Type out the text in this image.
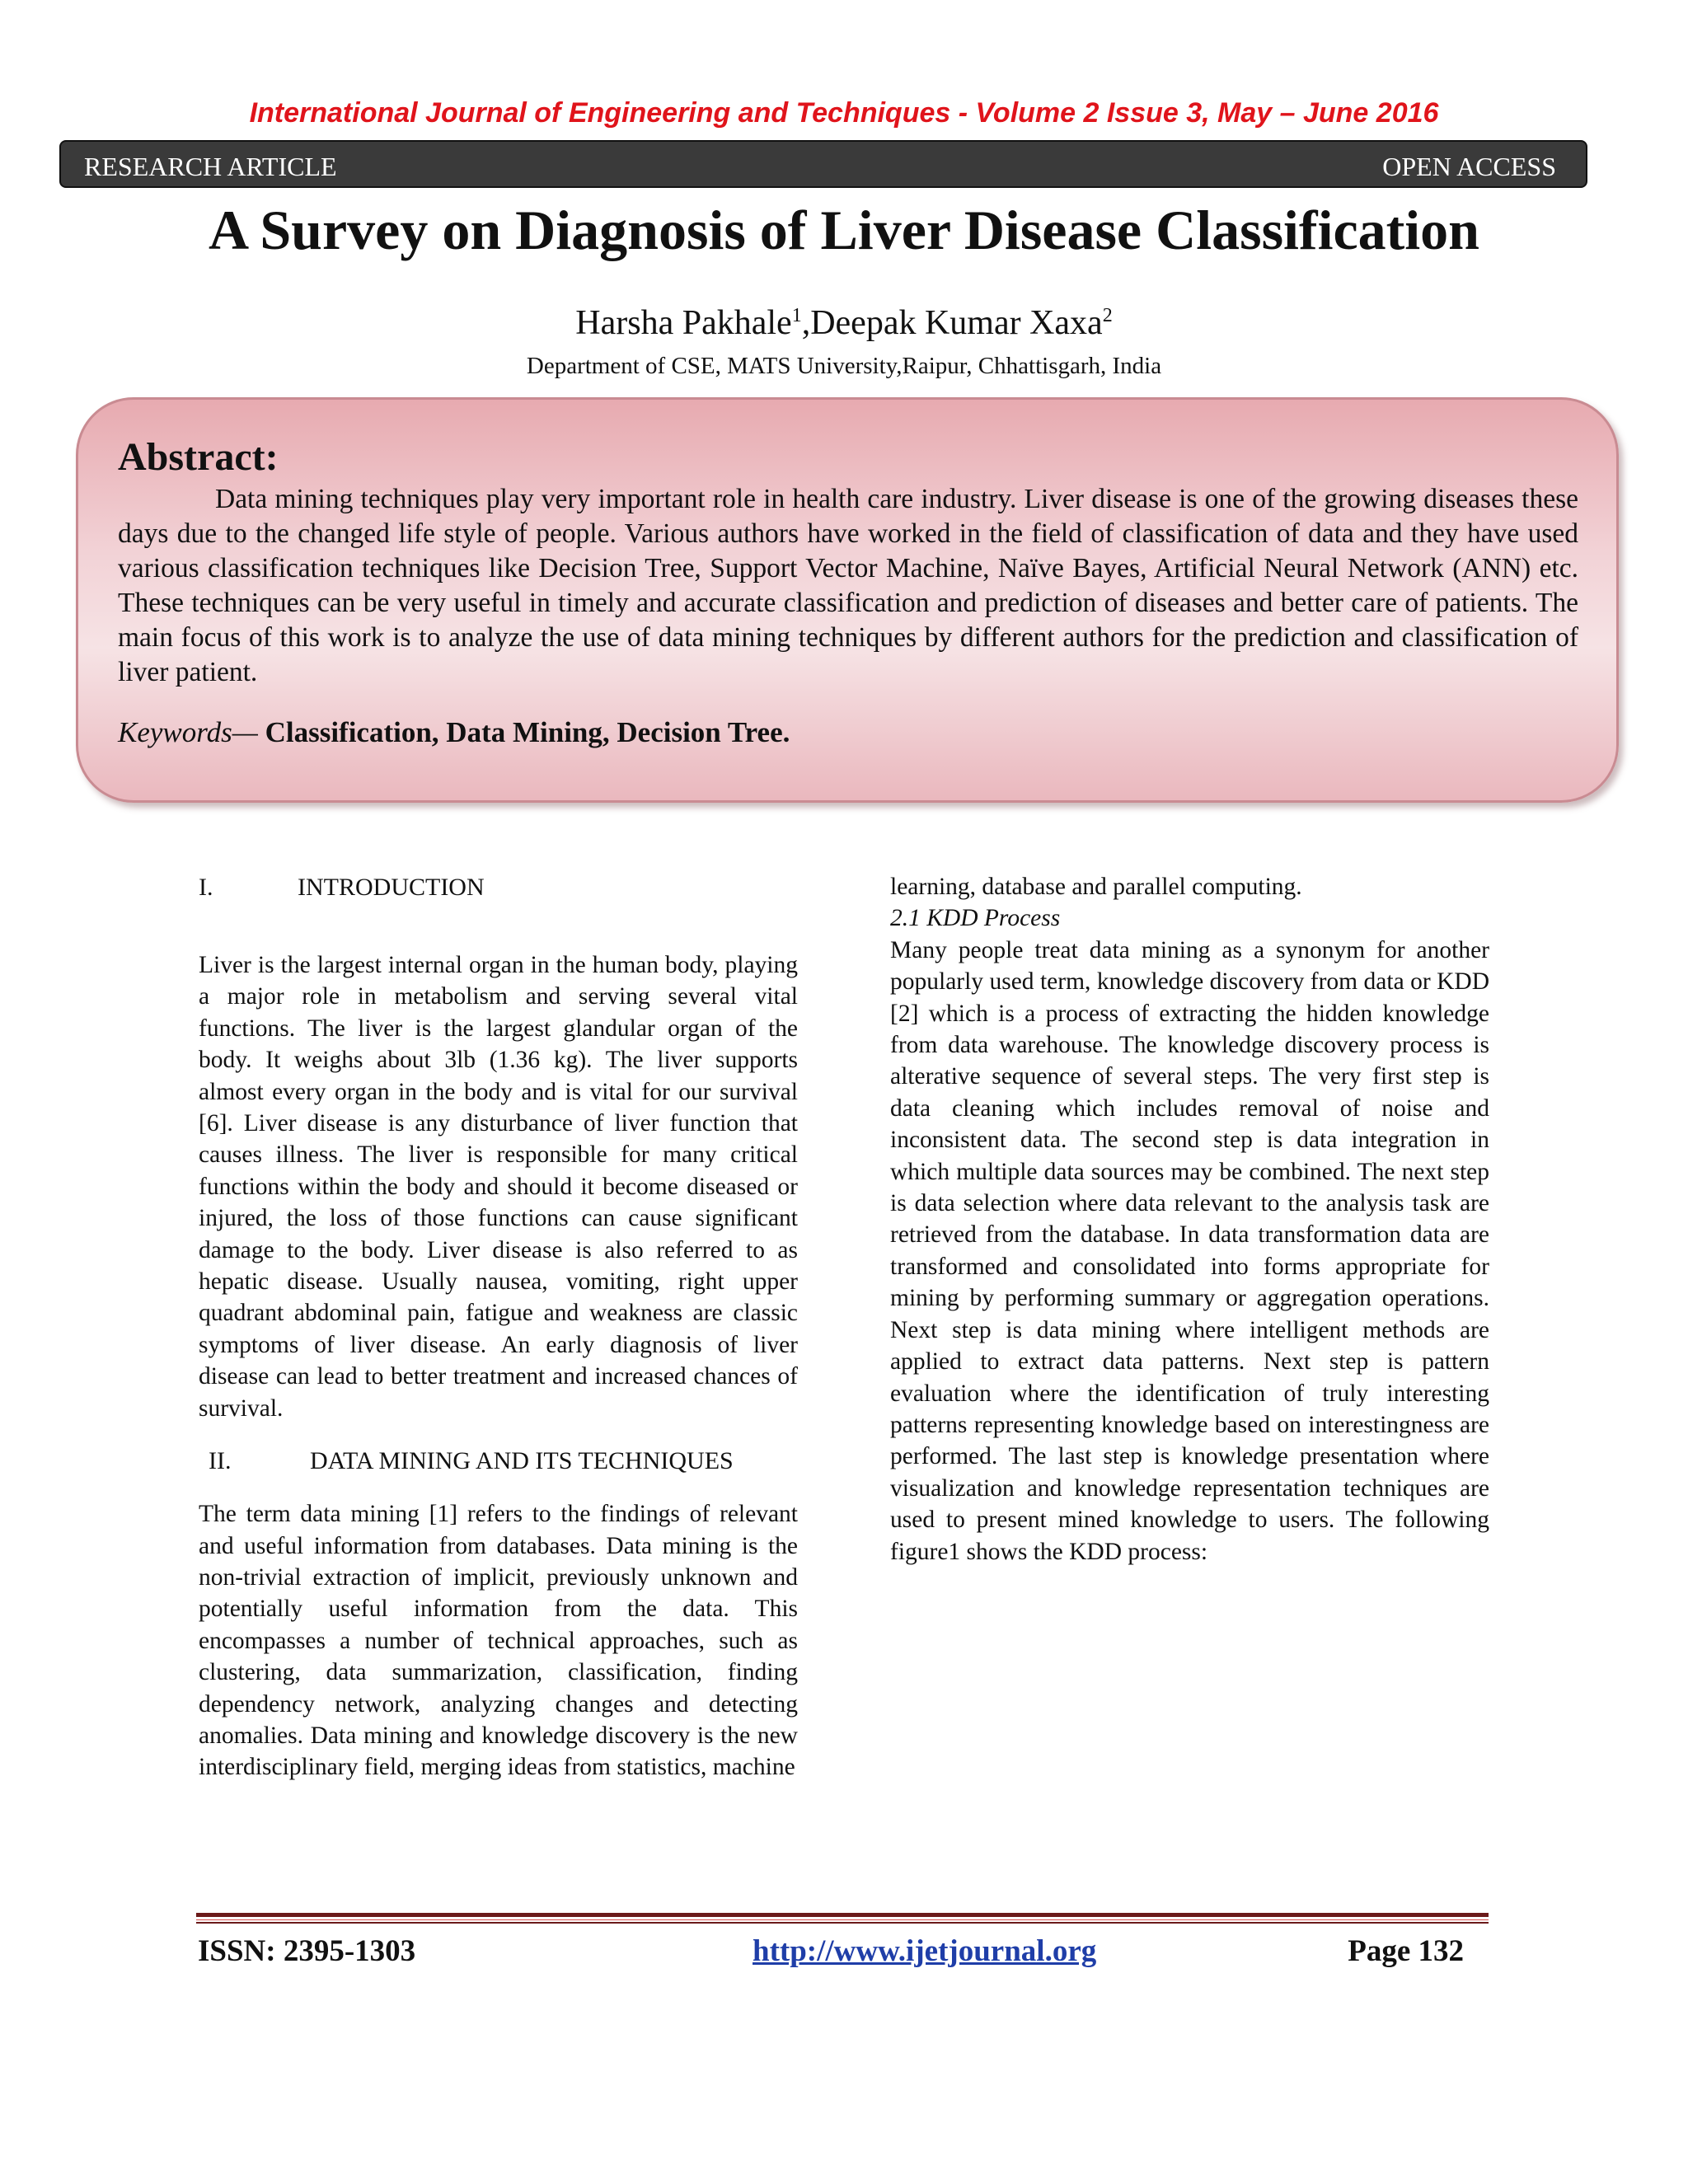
International Journal of Engineering and Techniques - Volume 2 Issue 3, May – June 2016
RESEARCH ARTICLE	OPEN ACCESS
A Survey on Diagnosis of Liver Disease Classification
Harsha Pakhale$^1$,Deepak Kumar Xaxa$^2$
Department of CSE, MATS University,Raipur, Chhattisgarh, India
Abstract:
Data mining techniques play very important role in health care industry. Liver disease is one of the growing diseases these days due to the changed life style of people. Various authors have worked in the field of classification of data and they have used various classification techniques like Decision Tree, Support Vector Machine, Naïve Bayes, Artificial Neural Network (ANN) etc. These techniques can be very useful in timely and accurate classification and prediction of diseases and better care of patients. The main focus of this work is to analyze the use of data mining techniques by different authors for the prediction and classification of liver patient.
Keywords— Classification, Data Mining, Decision Tree.
I.	INTRODUCTION

Liver is the largest internal organ in the human body, playing a major role in metabolism and serving several vital functions. The liver is the largest glandular organ of the body. It weighs about 3lb (1.36 kg). The liver supports almost every organ in the body and is vital for our survival [6]. Liver disease is any disturbance of liver function that causes illness. The liver is responsible for many critical functions within the body and should it become diseased or injured, the loss of those functions can cause significant damage to the body. Liver disease is also referred to as hepatic disease. Usually nausea, vomiting, right upper quadrant abdominal pain, fatigue and weakness are classic symptoms of liver disease. An early diagnosis of liver disease can lead to better treatment and increased chances of survival.

II.	DATA MINING AND ITS TECHNIQUES

The term data mining [1] refers to the findings of relevant and useful information from databases. Data mining is the non-trivial extraction of implicit, previously unknown and potentially useful information from the data. This encompasses a number of technical approaches, such as clustering, data summarization, classification, finding dependency network, analyzing changes and detecting anomalies. Data mining and knowledge discovery is the new interdisciplinary field, merging ideas from statistics, machine

learning, database and parallel computing.

2.1 KDD Process

Many people treat data mining as a synonym for another popularly used term, knowledge discovery from data or KDD [2] which is a process of extracting the hidden knowledge from data warehouse. The knowledge discovery process is alterative sequence of several steps. The very first step is data cleaning which includes removal of noise and inconsistent data. The second step is data integration in which multiple data sources may be combined. The next step is data selection where data relevant to the analysis task are retrieved from the database. In data transformation data are transformed and consolidated into forms appropriate for mining by performing summary or aggregation operations. Next step is data mining where intelligent methods are applied to extract data patterns. Next step is pattern evaluation where the identification of truly interesting patterns representing knowledge based on interestingness are performed. The last step is knowledge presentation where visualization and knowledge representation techniques are used to present mined knowledge to users. The following figure1 shows the KDD process:

ISSN: 2395-1303	http://www.ijetjournal.org	Page 132
